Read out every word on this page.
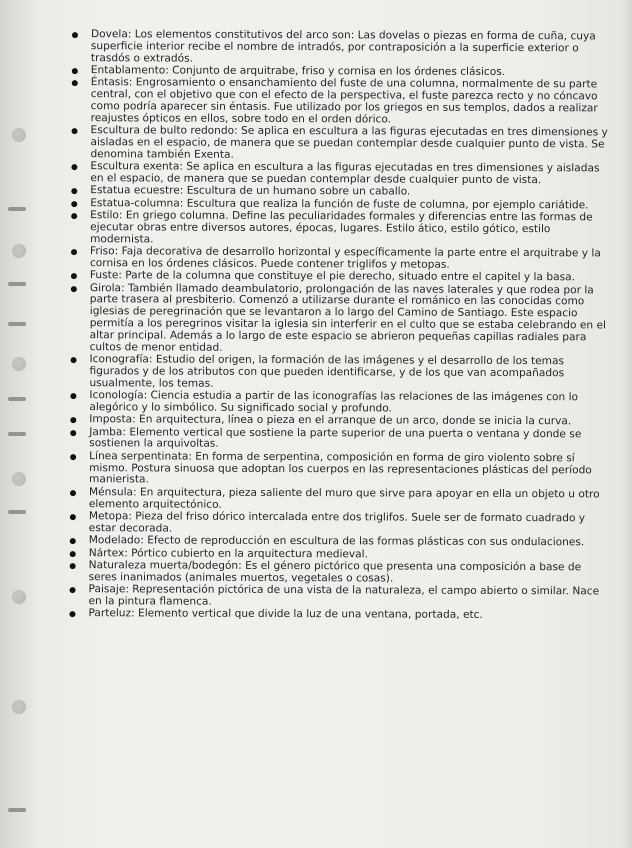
Dovela: Los elementos constitutivos del arco son: Las dovelas o piezas en forma de cuña, cuya superficie interior recibe el nombre de intradós, por contraposición a la superficie exterior o trasdós o extradós.
Entablamento: Conjunto de arquitrabe, friso y cornisa en los órdenes clásicos.
Éntasis: Engrosamiento o ensanchamiento del fuste de una columna, normalmente de su parte central, con el objetivo que con el efecto de la perspectiva, el fuste parezca recto y no cóncavo como podría aparecer sin éntasis. Fue utilizado por los griegos en sus templos, dados a realizar reajustes ópticos en ellos, sobre todo en el orden dórico.
Escultura de bulto redondo: Se aplica en escultura a las figuras ejecutadas en tres dimensiones y aisladas en el espacio, de manera que se puedan contemplar desde cualquier punto de vista. Se denomina también Exenta.
Escultura exenta: Se aplica en escultura a las figuras ejecutadas en tres dimensiones y aisladas en el espacio, de manera que se puedan contemplar desde cualquier punto de vista.
Estatua ecuestre: Escultura de un humano sobre un caballo.
Estatua-columna: Escultura que realiza la función de fuste de columna, por ejemplo cariátide.
Estilo: En griego columna. Define las peculiaridades formales y diferencias entre las formas de ejecutar obras entre diversos autores, épocas, lugares. Estilo ático, estilo gótico, estilo modernista.
Friso: Faja decorativa de desarrollo horizontal y específicamente la parte entre el arquitrabe y la cornisa en los órdenes clásicos. Puede contener triglifos y metopas.
Fuste: Parte de la columna que constituye el pie derecho, situado entre el capitel y la basa.
Girola: También llamado deambulatorio, prolongación de las naves laterales y que rodea por la parte trasera al presbiterio. Comenzó a utilizarse durante el románico en las conocidas como iglesias de peregrinación que se levantaron a lo largo del Camino de Santiago. Este espacio permitía a los peregrinos visitar la iglesia sin interferir en el culto que se estaba celebrando en el altar principal. Además a lo largo de este espacio se abrieron pequeñas capillas radiales para cultos de menor entidad.
Iconografía: Estudio del origen, la formación de las imágenes y el desarrollo de los temas figurados y de los atributos con que pueden identificarse, y de los que van acompañados usualmente, los temas.
Iconología: Ciencia estudia a partir de las iconografías las relaciones de las imágenes con lo alegórico y lo simbólico. Su significado social y profundo.
Imposta: En arquitectura, línea o pieza en el arranque de un arco, donde se inicia la curva.
Jamba: Elemento vertical que sostiene la parte superior de una puerta o ventana y donde se sostienen la arquivoltas.
Línea serpentinata: En forma de serpentina, composición en forma de giro violento sobre sí mismo. Postura sinuosa que adoptan los cuerpos en las representaciones plásticas del período manierista.
Ménsula: En arquitectura, pieza saliente del muro que sirve para apoyar en ella un objeto u otro elemento arquitectónico.
Metopa: Pieza del friso dórico intercalada entre dos triglifos. Suele ser de formato cuadrado y estar decorada.
Modelado: Efecto de reproducción en escultura de las formas plásticas con sus ondulaciones.
Nártex: Pórtico cubierto en la arquitectura medieval.
Naturaleza muerta/bodegón: Es el género pictórico que presenta una composición a base de seres inanimados (animales muertos, vegetales o cosas).
Paisaje: Representación pictórica de una vista de la naturaleza, el campo abierto o similar. Nace en la pintura flamenca.
Parteluz: Elemento vertical que divide la luz de una ventana, portada, etc.
